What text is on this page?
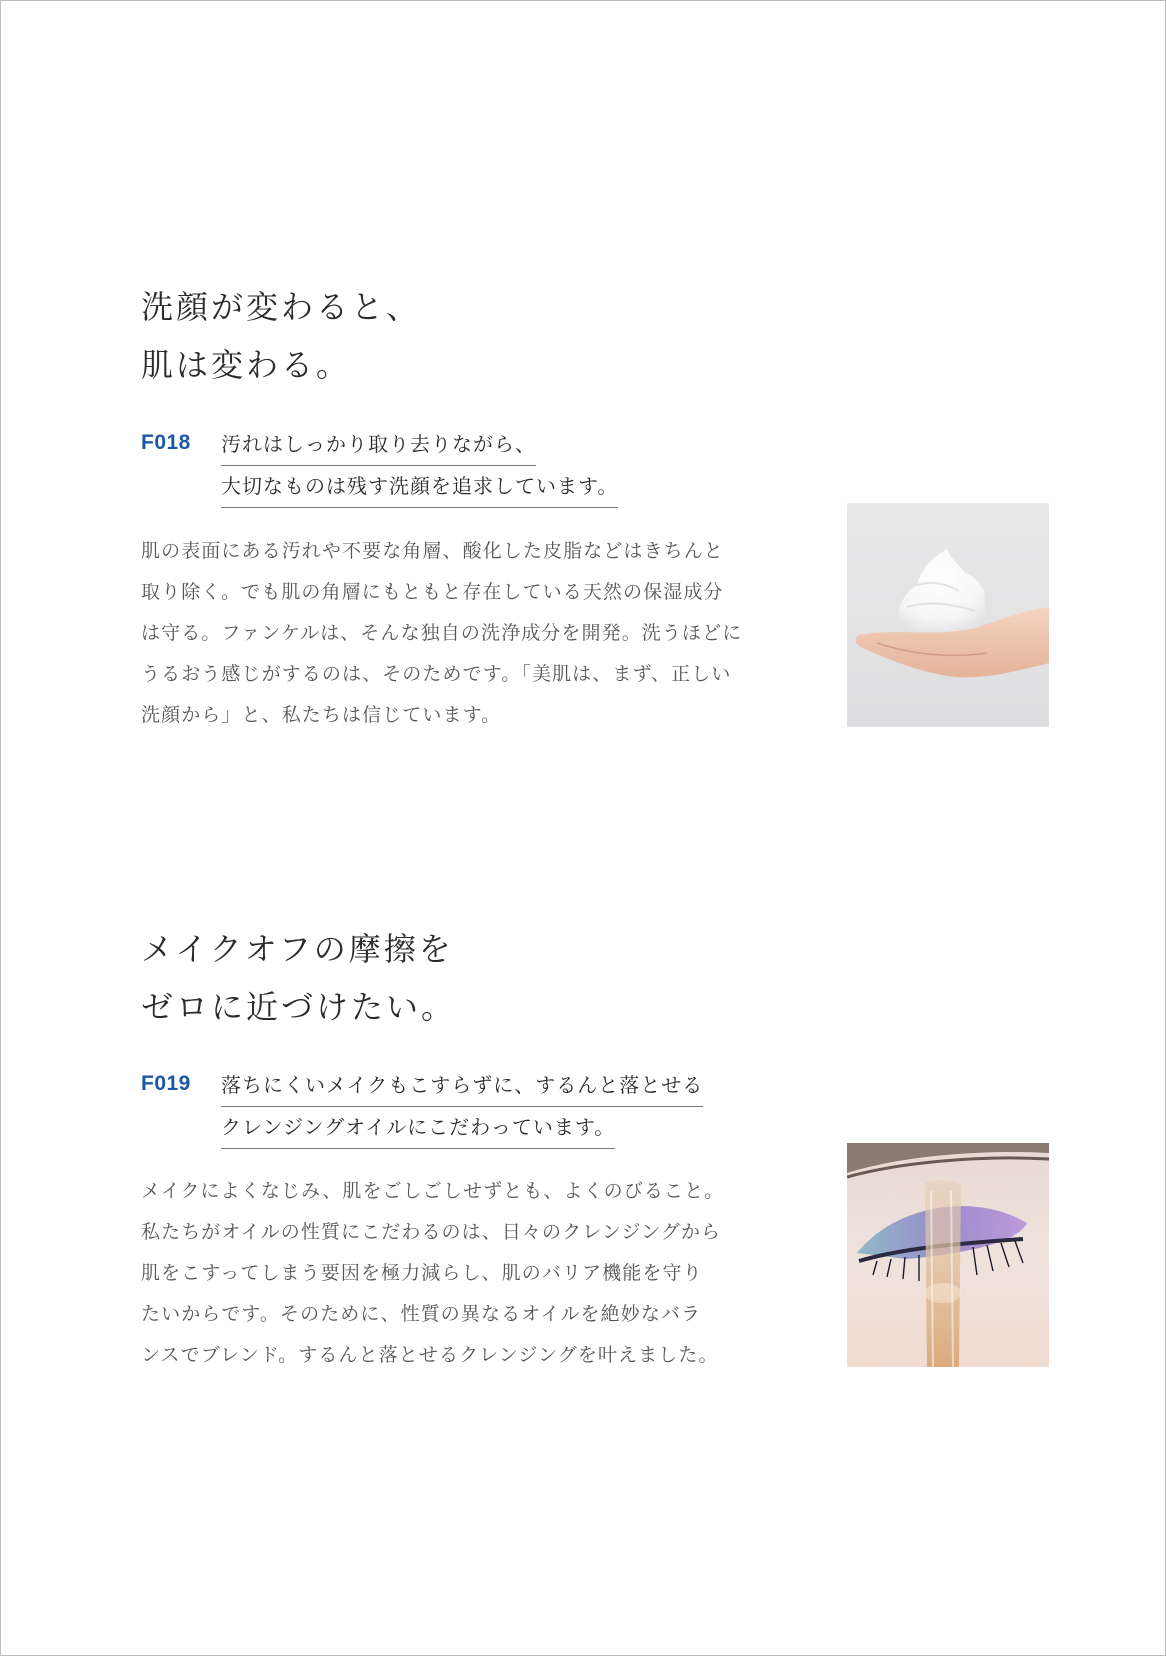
洗顔が変わると、
肌は変わる。
F018 汚れはしっかり取り去りながら、
大切なものは残す洗顔を追求しています。

肌の表面にある汚れや不要な角層、酸化した皮脂などはきちんと
取り除く。でも肌の角層にもともと存在している天然の保湿成分
は守る。ファンケルは、そんな独自の洗浄成分を開発。洗うほどに
うるおう感じがするのは、そのためです。「美肌は、まず、正しい
洗顔から」と、私たちは信じています。

メイクオフの摩擦を
ゼロに近づけたい。
F019 落ちにくいメイクもこすらずに、するんと落とせる
クレンジングオイルにこだわっています。

メイクによくなじみ、肌をごしごしせずとも、よくのびること。
私たちがオイルの性質にこだわるのは、日々のクレンジングから
肌をこすってしまう要因を極力減らし、肌のバリア機能を守り
たいからです。そのために、性質の異なるオイルを絶妙なバラ
ンスでブレンド。するんと落とせるクレンジングを叶えました。
